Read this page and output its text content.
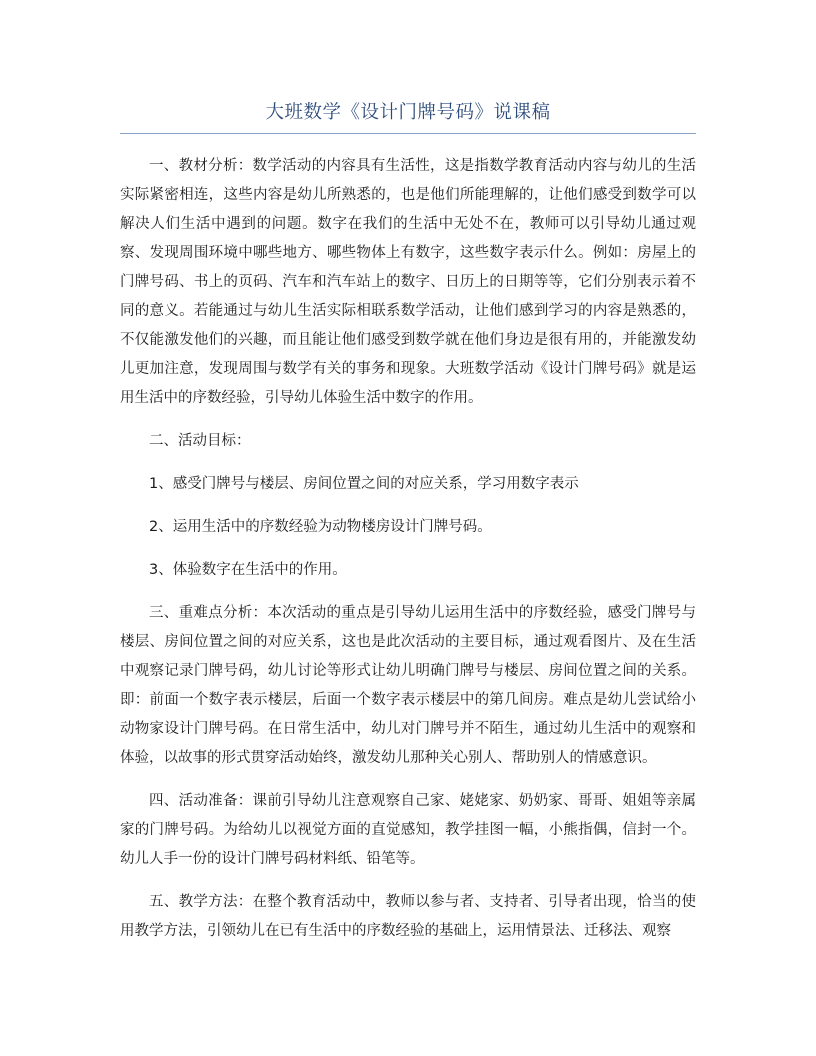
大班数学《设计门牌号码》说课稿

一、教材分析：数学活动的内容具有生活性，这是指数学教育活动内容与幼儿的生活实际紧密相连，这些内容是幼儿所熟悉的，也是他们所能理解的，让他们感受到数学可以解决人们生活中遇到的问题。数字在我们的生活中无处不在，教师可以引导幼儿通过观察、发现周围环境中哪些地方、哪些物体上有数字，这些数字表示什么。例如：房屋上的门牌号码、书上的页码、汽车和汽车站上的数字、日历上的日期等等，它们分别表示着不同的意义。若能通过与幼儿生活实际相联系数学活动，让他们感到学习的内容是熟悉的，不仅能激发他们的兴趣，而且能让他们感受到数学就在他们身边是很有用的，并能激发幼儿更加注意，发现周围与数学有关的事务和现象。大班数学活动《设计门牌号码》就是运用生活中的序数经验，引导幼儿体验生活中数字的作用。

二、活动目标：

1、感受门牌号与楼层、房间位置之间的对应关系，学习用数字表示

2、运用生活中的序数经验为动物楼房设计门牌号码。

3、体验数字在生活中的作用。

三、重难点分析：本次活动的重点是引导幼儿运用生活中的序数经验，感受门牌号与楼层、房间位置之间的对应关系，这也是此次活动的主要目标，通过观看图片、及在生活中观察记录门牌号码，幼儿讨论等形式让幼儿明确门牌号与楼层、房间位置之间的关系。即：前面一个数字表示楼层，后面一个数字表示楼层中的第几间房。难点是幼儿尝试给小动物家设计门牌号码。在日常生活中，幼儿对门牌号并不陌生，通过幼儿生活中的观察和体验，以故事的形式贯穿活动始终，激发幼儿那种关心别人、帮助别人的情感意识。

四、活动准备：课前引导幼儿注意观察自己家、姥姥家、奶奶家、哥哥、姐姐等亲属家的门牌号码。为给幼儿以视觉方面的直觉感知，教学挂图一幅，小熊指偶，信封一个。幼儿人手一份的设计门牌号码材料纸、铅笔等。

五、教学方法：在整个教育活动中，教师以参与者、支持者、引导者出现，恰当的使用教学方法，引领幼儿在已有生活中的序数经验的基础上，运用情景法、迁移法、观察
